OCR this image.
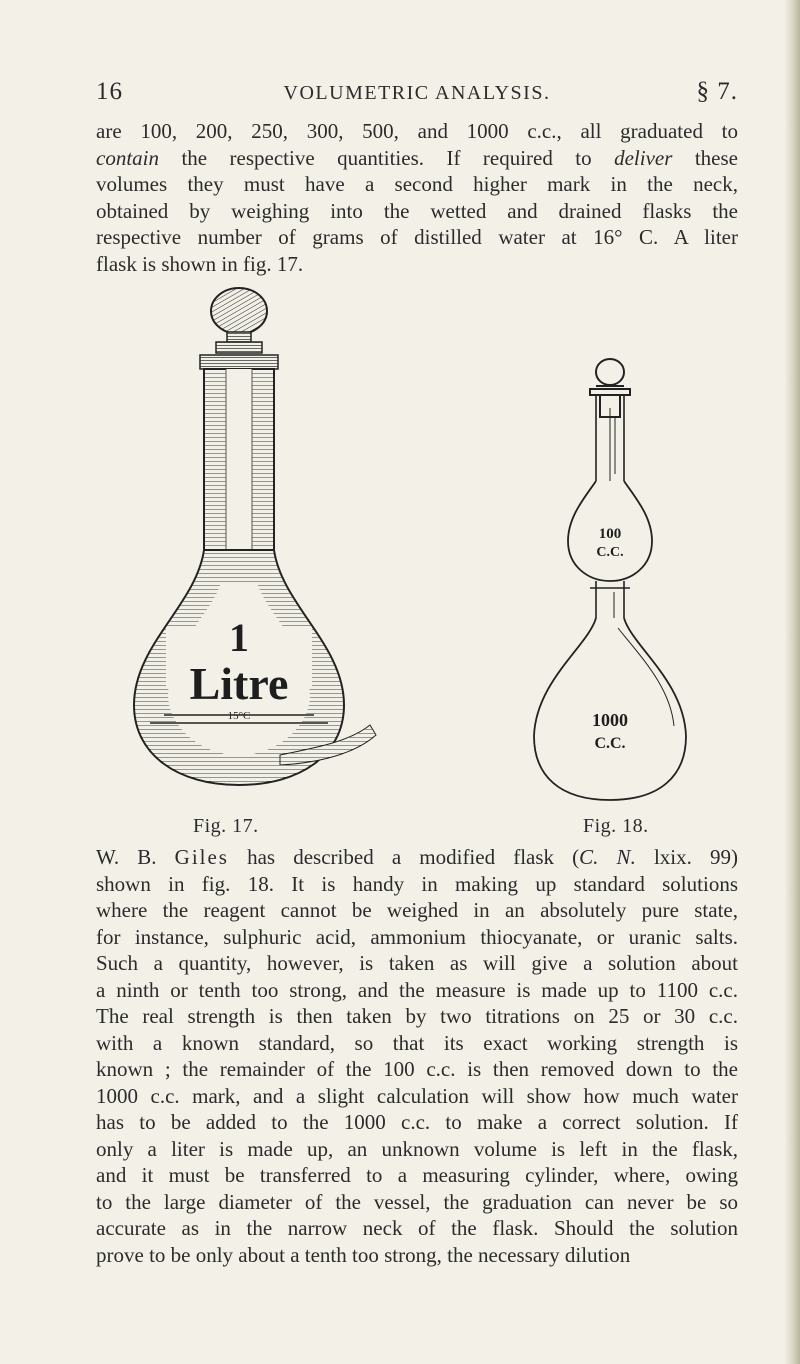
16	VOLUMETRIC ANALYSIS.	§ 7.
are 100, 200, 250, 300, 500, and 1000 c.c., all graduated to
contain the respective quantities. If required to deliver these
volumes they must have a second higher mark in the neck,
obtained by weighing into the wetted and drained flasks the
respective number of grams of distilled water at 16° C. A liter
flask is shown in fig. 17.
1
Litre
15°C
Fig. 17.
100
C.C.
1000
C.C.
Fig. 18.
W. B. Giles has described a modified flask (C. N. lxix. 99)
shown in fig. 18. It is handy in making up standard solutions
where the reagent cannot be weighed in an absolutely pure state,
for instance, sulphuric acid, ammonium thiocyanate, or uranic salts.
Such a quantity, however, is taken as will give a solution about
a ninth or tenth too strong, and the measure is made up to 1100 c.c.
The real strength is then taken by two titrations on 25 or 30 c.c.
with a known standard, so that its exact working strength is
known ; the remainder of the 100 c.c. is then removed down to the
1000 c.c. mark, and a slight calculation will show how much water
has to be added to the 1000 c.c. to make a correct solution. If
only a liter is made up, an unknown volume is left in the flask,
and it must be transferred to a measuring cylinder, where, owing
to the large diameter of the vessel, the graduation can never be so
accurate as in the narrow neck of the flask. Should the solution
prove to be only about a tenth too strong, the necessary dilution
